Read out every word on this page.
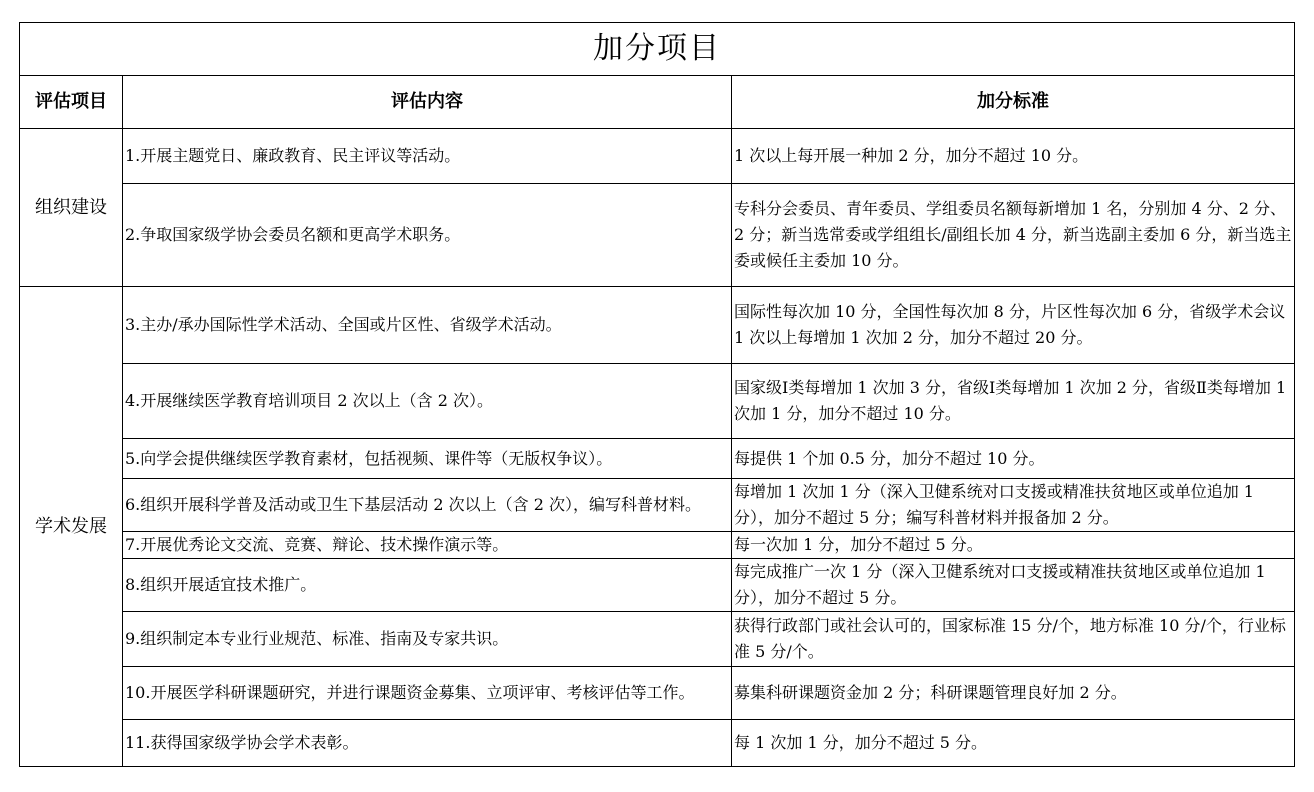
加分项目		
评估项目	评估内容	加分标准
组织建设	1.开展主题党日、廉政教育、民主评议等活动。	1 次以上每开展一种加 2 分，加分不超过 10 分。
	2.争取国家级学协会委员名额和更高学术职务。	专科分会委员、青年委员、学组委员名额每新增加 1 名，分别加 4 分、2 分、2 分；新当选常委或学组组长/副组长加 4 分，新当选副主委加 6 分，新当选主委或候任主委加 10 分。
学术发展	3.主办/承办国际性学术活动、全国或片区性、省级学术活动。	国际性每次加 10 分，全国性每次加 8 分，片区性每次加 6 分，省级学术会议 1 次以上每增加 1 次加 2 分，加分不超过 20 分。
	4.开展继续医学教育培训项目 2 次以上（含 2 次）。	国家级Ⅰ类每增加 1 次加 3 分，省级Ⅰ类每增加 1 次加 2 分，省级Ⅱ类每增加 1 次加 1 分，加分不超过 10 分。
	5.向学会提供继续医学教育素材，包括视频、课件等（无版权争议）。	每提供 1 个加 0.5 分，加分不超过 10 分。
	6.组织开展科学普及活动或卫生下基层活动 2 次以上（含 2 次），编写科普材料。	每增加 1 次加 1 分（深入卫健系统对口支援或精准扶贫地区或单位追加 1 分），加分不超过 5 分；编写科普材料并报备加 2 分。
	7.开展优秀论文交流、竞赛、辩论、技术操作演示等。	每一次加 1 分，加分不超过 5 分。
	8.组织开展适宜技术推广。	每完成推广一次 1 分（深入卫健系统对口支援或精准扶贫地区或单位追加 1 分），加分不超过 5 分。
	9.组织制定本专业行业规范、标准、指南及专家共识。	获得行政部门或社会认可的，国家标准 15 分/个，地方标准 10 分/个，行业标准 5 分/个。
	10.开展医学科研课题研究，并进行课题资金募集、立项评审、考核评估等工作。	募集科研课题资金加 2 分；科研课题管理良好加 2 分。
	11.获得国家级学协会学术表彰。	每 1 次加 1 分，加分不超过 5 分。
